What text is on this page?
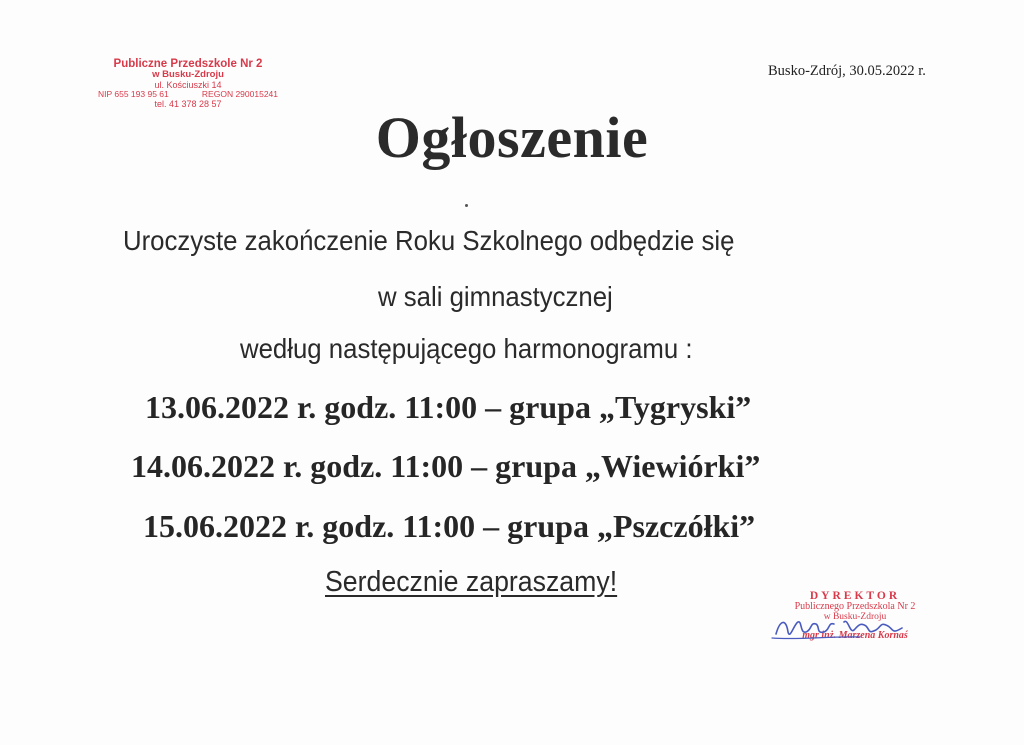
Publiczne Przedszkole Nr 2
w Busku-Zdroju
ul. Kościuszki 14
NIP 655 193 95 61	REGON 290015241
tel. 41 378 28 57
Busko-Zdrój, 30.05.2022 r.
Ogłoszenie
Uroczyste zakończenie Roku Szkolnego odbędzie się
w sali gimnastycznej
według następującego harmonogramu :
13.06.2022 r. godz. 11:00 – grupa „Tygryski”
14.06.2022 r. godz. 11:00 – grupa „Wiewiórki”
15.06.2022 r. godz. 11:00 – grupa „Pszczółki”
Serdecznie zapraszamy!	DYREKTOR
Publicznego Przedszkola Nr 2
w Busku-Zdroju
mgr inż. Marzena Kornaś
